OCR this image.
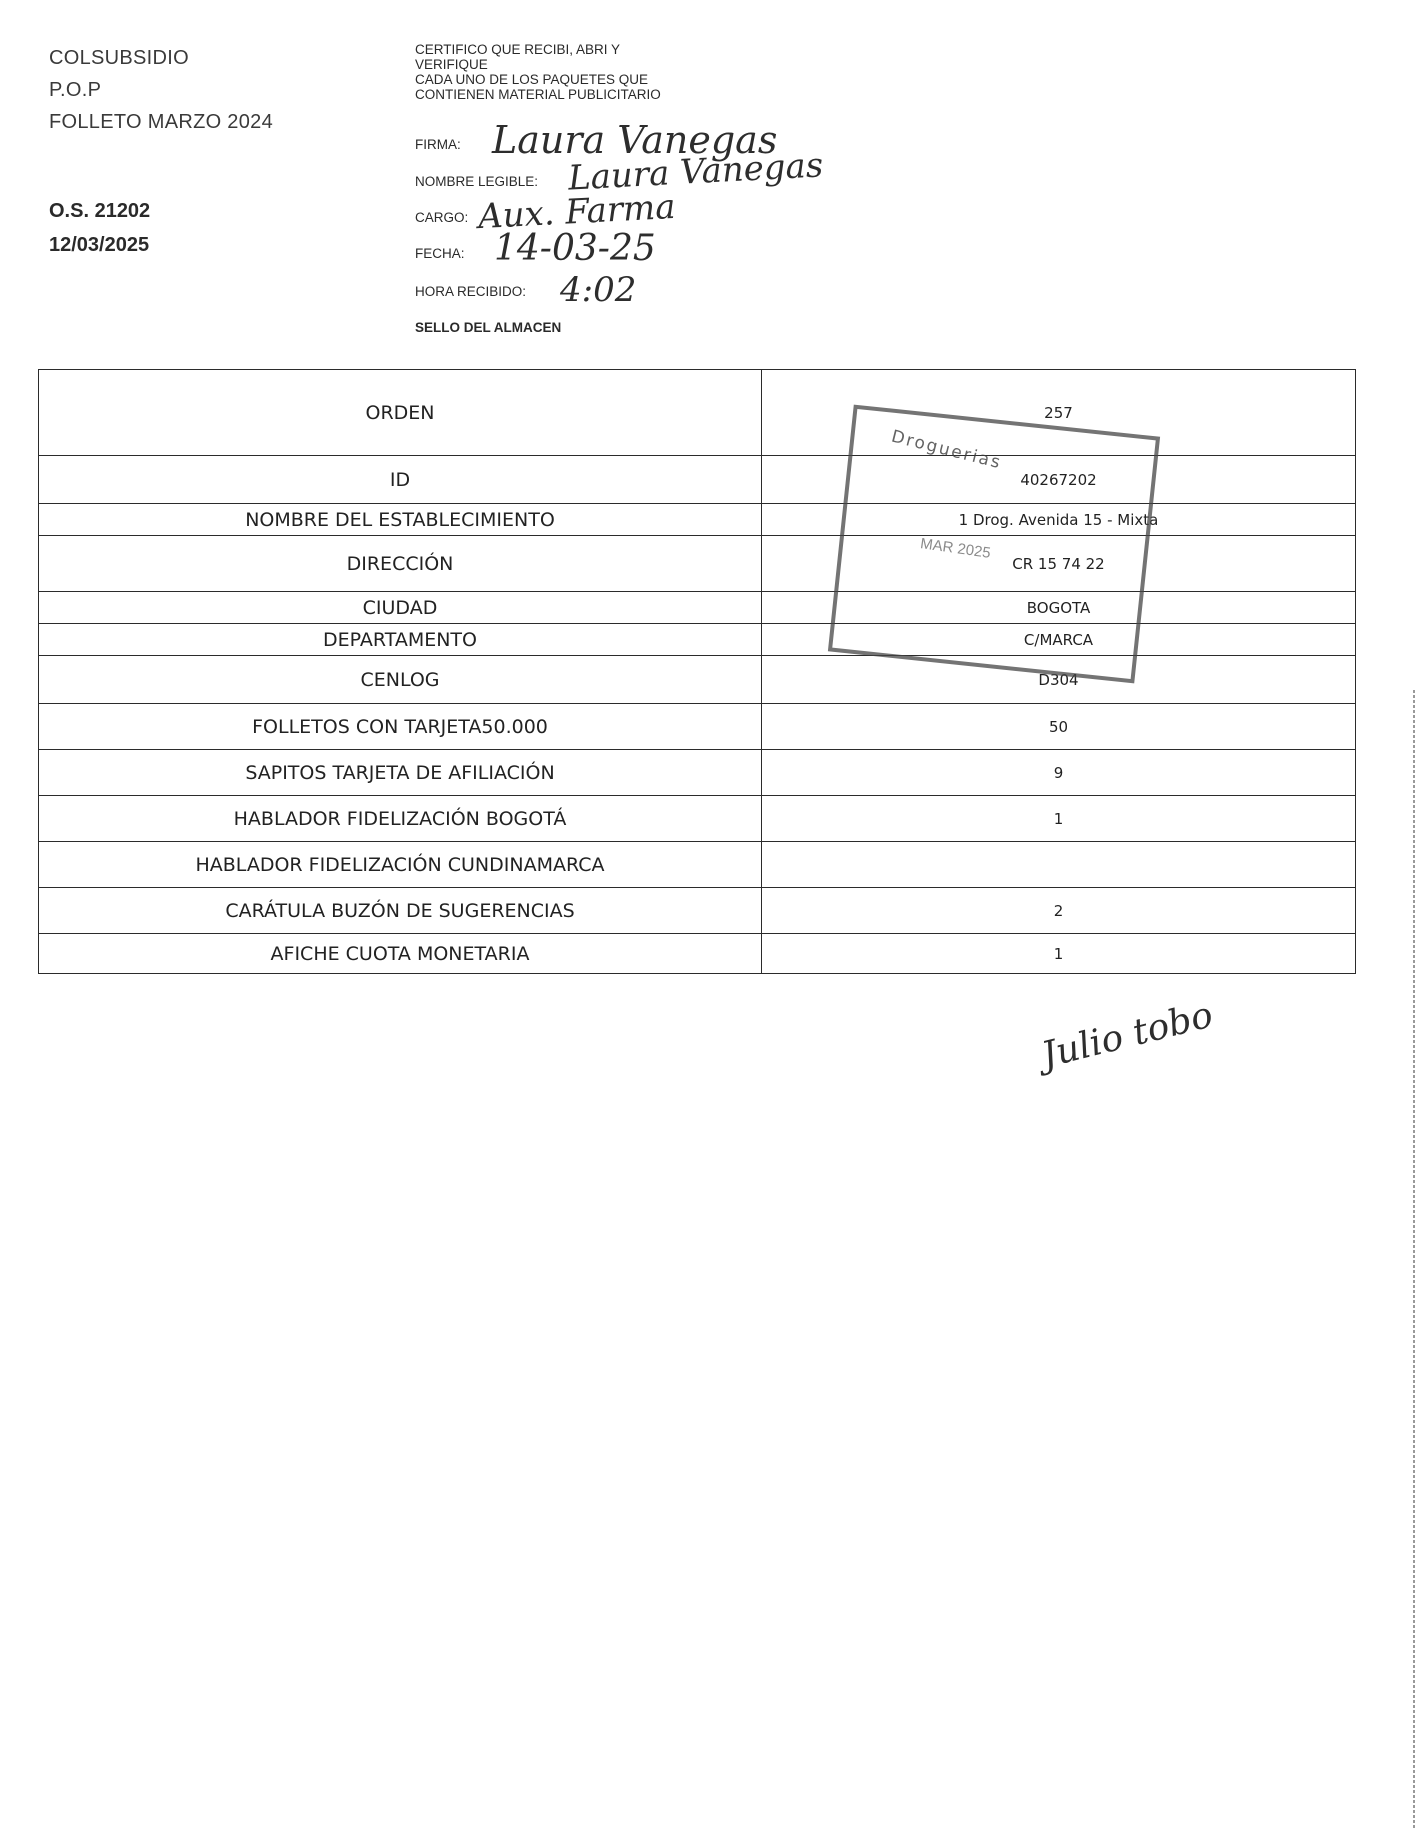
COLSUBSIDIO
P.O.P
FOLLETO MARZO 2024
O.S. 21202
12/03/2025
CERTIFICO QUE RECIBI, ABRI Y
VERIFIQUE
CADA UNO DE LOS PAQUETES QUE
CONTIENEN MATERIAL PUBLICITARIO
FIRMA: Laura Vanegas
NOMBRE LEGIBLE: Laura Vanegas
CARGO: Aux. Farma
FECHA: 14-03-25
HORA RECIBIDO: 4:02
SELLO DEL ALMACEN
ORDEN	257
ID	40267202
NOMBRE DEL ESTABLECIMIENTO	1 Drog. Avenida 15 - Mixta
DIRECCIÓN	CR 15 74 22
CIUDAD	BOGOTA
DEPARTAMENTO	C/MARCA
CENLOG	D304
FOLLETOS CON TARJETA50.000	50
SAPITOS TARJETA DE AFILIACIÓN	9
HABLADOR FIDELIZACIÓN BOGOTÁ	1
HABLADOR FIDELIZACIÓN CUNDINAMARCA	
CARÁTULA BUZÓN DE SUGERENCIAS	2
AFICHE CUOTA MONETARIA	1
Droguerias
MAR 2025
Julio tobo
